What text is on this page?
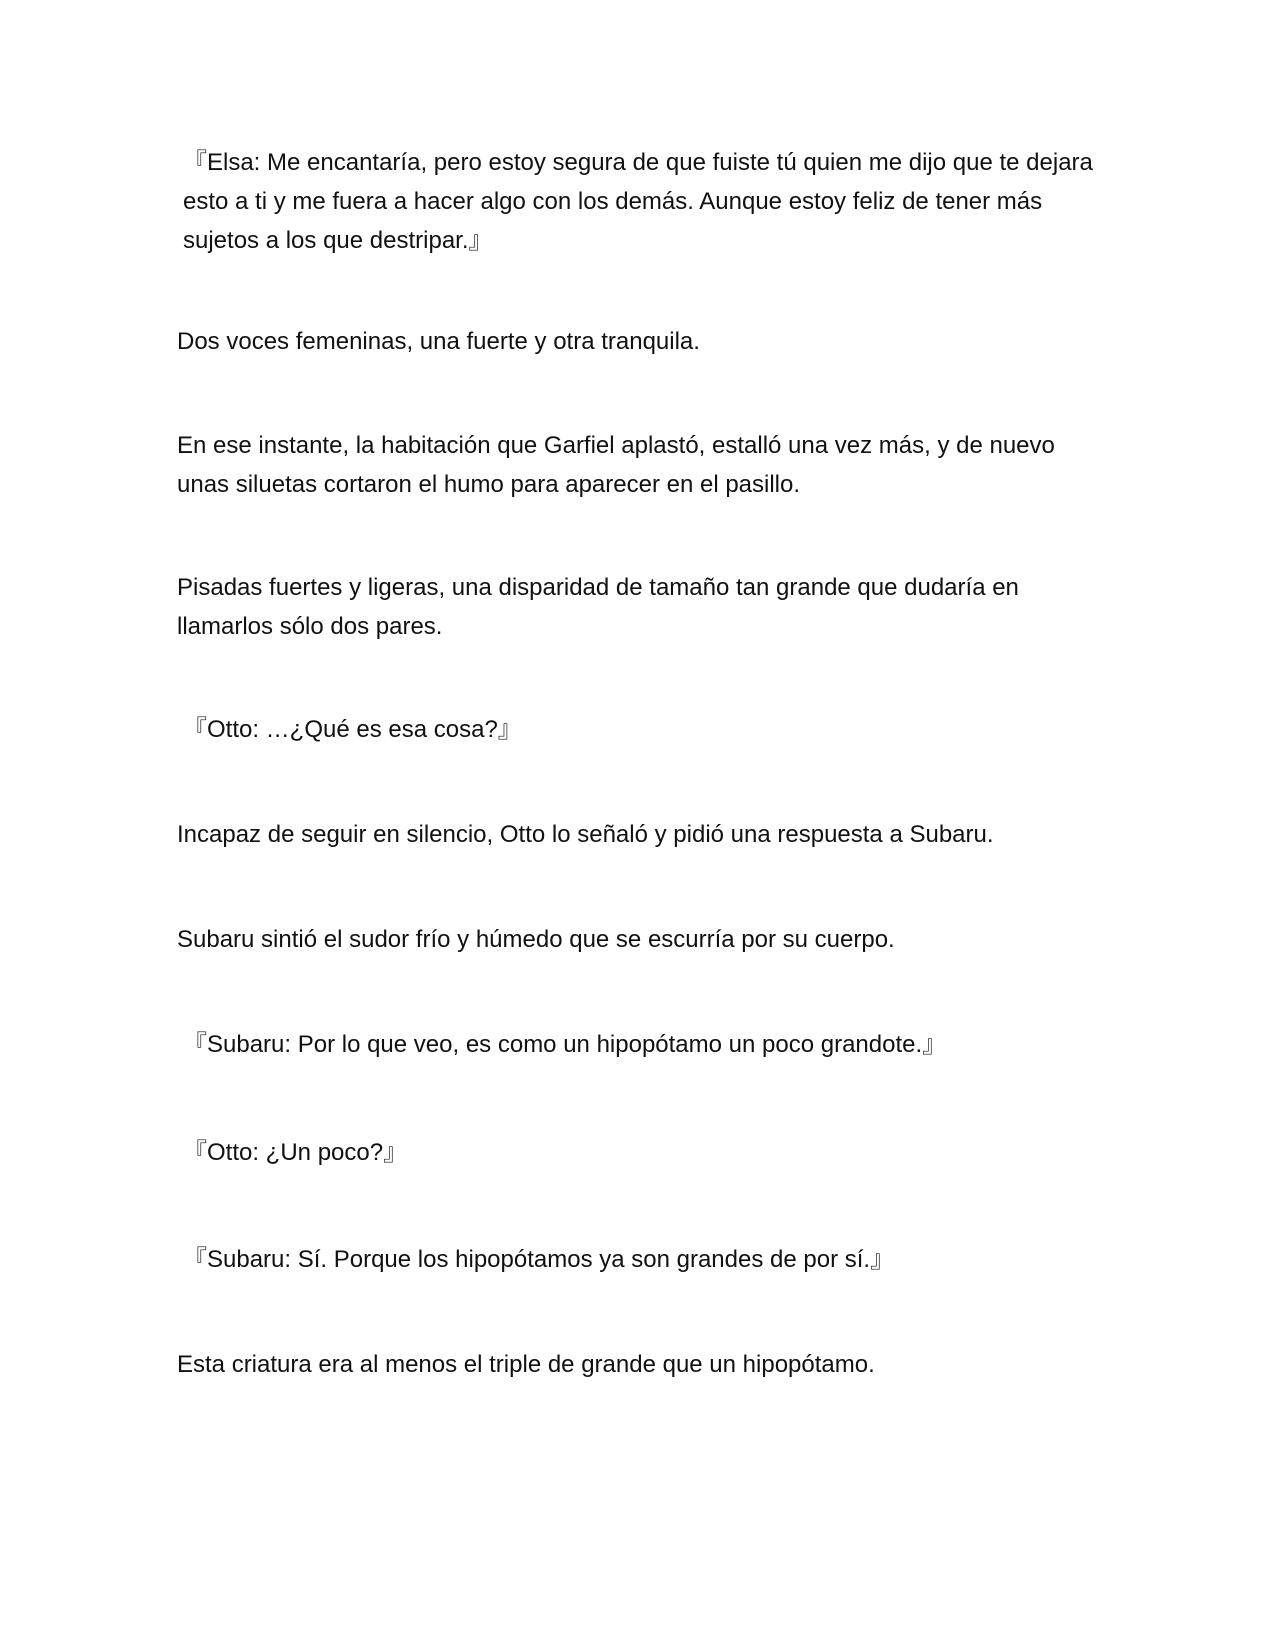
『Elsa: Me encantaría, pero estoy segura de que fuiste tú quien me dijo que te dejara esto a ti y me fuera a hacer algo con los demás. Aunque estoy feliz de tener más sujetos a los que destripar.』

Dos voces femeninas, una fuerte y otra tranquila.

En ese instante, la habitación que Garfiel aplastó, estalló una vez más, y de nuevo unas siluetas cortaron el humo para aparecer en el pasillo.

Pisadas fuertes y ligeras, una disparidad de tamaño tan grande que dudaría en llamarlos sólo dos pares.

『Otto: …¿Qué es esa cosa?』

Incapaz de seguir en silencio, Otto lo señaló y pidió una respuesta a Subaru.

Subaru sintió el sudor frío y húmedo que se escurría por su cuerpo.

『Subaru: Por lo que veo, es como un hipopótamo un poco grandote.』

『Otto: ¿Un poco?』

『Subaru: Sí. Porque los hipopótamos ya son grandes de por sí.』

Esta criatura era al menos el triple de grande que un hipopótamo.
